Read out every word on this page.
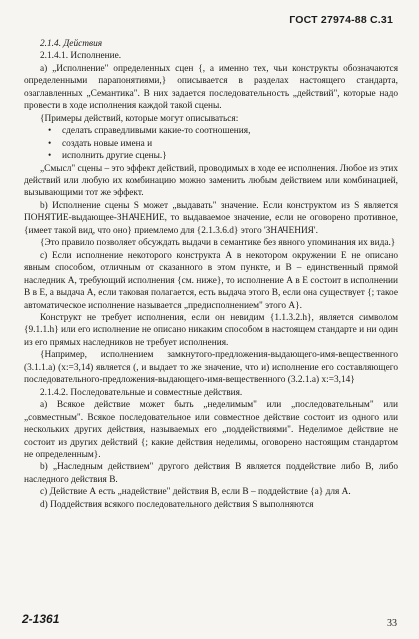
ГОСТ 27974-88 С.31

2.1.4. Действия

2.1.4.1. Исполнение.

а) „Исполнение" определенных сцен {, а именно тех, чьи конструкты обозначаются определенными парапонятиями,} описывается в разделах настоящего стандарта, озаглавленных „Семантика". В них задается последовательность „действий", которые надо провести в ходе исполнения каждой такой сцены.

{Примеры действий, которые могут описываться:

• сделать справедливыми какие-то соотношения,
• создать новые имена и
• исполнить другие сцены.}

„Смысл" сцены – это эффект действий, проводимых в ходе ее исполнения. Любое из этих действий или любую их комбинацию можно заменить любым действием или комбинацией, вызывающими тот же эффект.

b) Исполнение сцены S может „выдавать" значение. Если конструктом из S является ПОНЯТИЕ-выдающее-ЗНАЧЕНИЕ, то выдаваемое значение, если не оговорено противное, {имеет такой вид, что оно} приемлемо для {2.1.3.6.d} этого 'ЗНАЧЕНИЯ'.

{Это правило позволяет обсуждать выдачи в семантике без явного упоминания их вида.}

с) Если исполнение некоторого конструкта А в некотором окружении Е не описано явным способом, отличным от сказанного в этом пункте, и В – единственный прямой наследник А, требующий исполнения {см. ниже}, то исполнение А в Е состоит в исполнении В в Е, а выдача А, если таковая полагается, есть выдача этого В, если она существует {; такое автоматическое исполнение называется „предисполнением" этого А}.

Конструкт не требует исполнения, если он невидим {1.1.3.2.h}, является символом {9.1.1.h} или его исполнение не описано никаким способом в настоящем стандарте и ни один из его прямых наследников не требует исполнения.

{Например, исполнением замкнутого-предложения-выдающего-имя-вещественного (3.1.1.а) (x:=3,14) является (, и выдает то же значение, что и) исполнение его составляющего последовательного-предложения-выдающего-имя-вещественного (3.2.1.а) x:=3,14}

2.1.4.2. Последовательные и совместные действия.

а) Всякое действие может быть „неделимым" или „последовательным" или „совместным". Всякое последовательное или совместное действие состоит из одного или нескольких других действия, называемых его „поддействиями". Неделимое действие не состоит из других действий {; какие действия неделимы, оговорено настоящим стандартом не определенным}.

b) „Наследным действием" другого действия В является поддействие либо В, либо наследного действия В.

с) Действие А есть „надействие" действия В, если В – поддействие {а} для А.

d) Поддействия всякого последовательного действия S выполняются

2-1361	33
